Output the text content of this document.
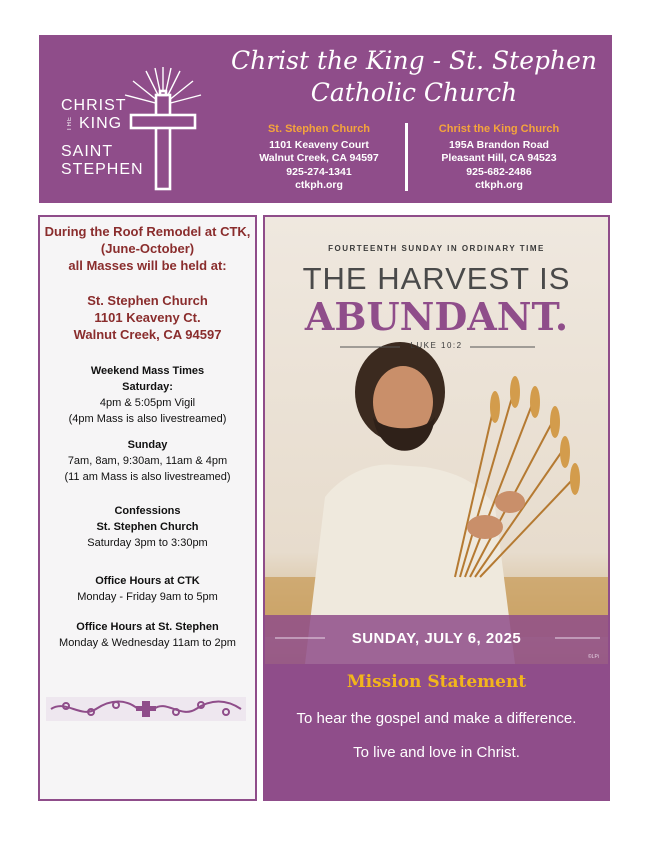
CHRIST
THE KING
SAINT
STEPHEN
Christ the King - St. Stephen
Catholic Church
St. Stephen Church
1101 Keaveny Court
Walnut Creek, CA 94597
925-274-1341
ctkph.org
Christ the King Church
195A Brandon Road
Pleasant Hill, CA 94523
925-682-2486
ctkph.org
During the Roof Remodel at CTK,
(June-October)
all Masses will be held at:
St. Stephen Church
1101 Keaveny Ct.
Walnut Creek, CA 94597
Weekend Mass Times
Saturday:
4pm & 5:05pm Vigil
(4pm Mass is also livestreamed)
Sunday
7am, 8am, 9:30am, 11am & 4pm
(11 am Mass is also livestreamed)
Confessions
St. Stephen Church
Saturday 3pm to 3:30pm
Office Hours at CTK
Monday - Friday 9am to 5pm
Office Hours at St. Stephen
Monday & Wednesday 11am to 2pm
FOURTEENTH SUNDAY IN ORDINARY TIME
THE HARVEST IS
ABUNDANT.
LUKE 10:2
SUNDAY, JULY 6, 2025
©LPi
Mission Statement
To hear the gospel and make a difference.
To live and love in Christ.
